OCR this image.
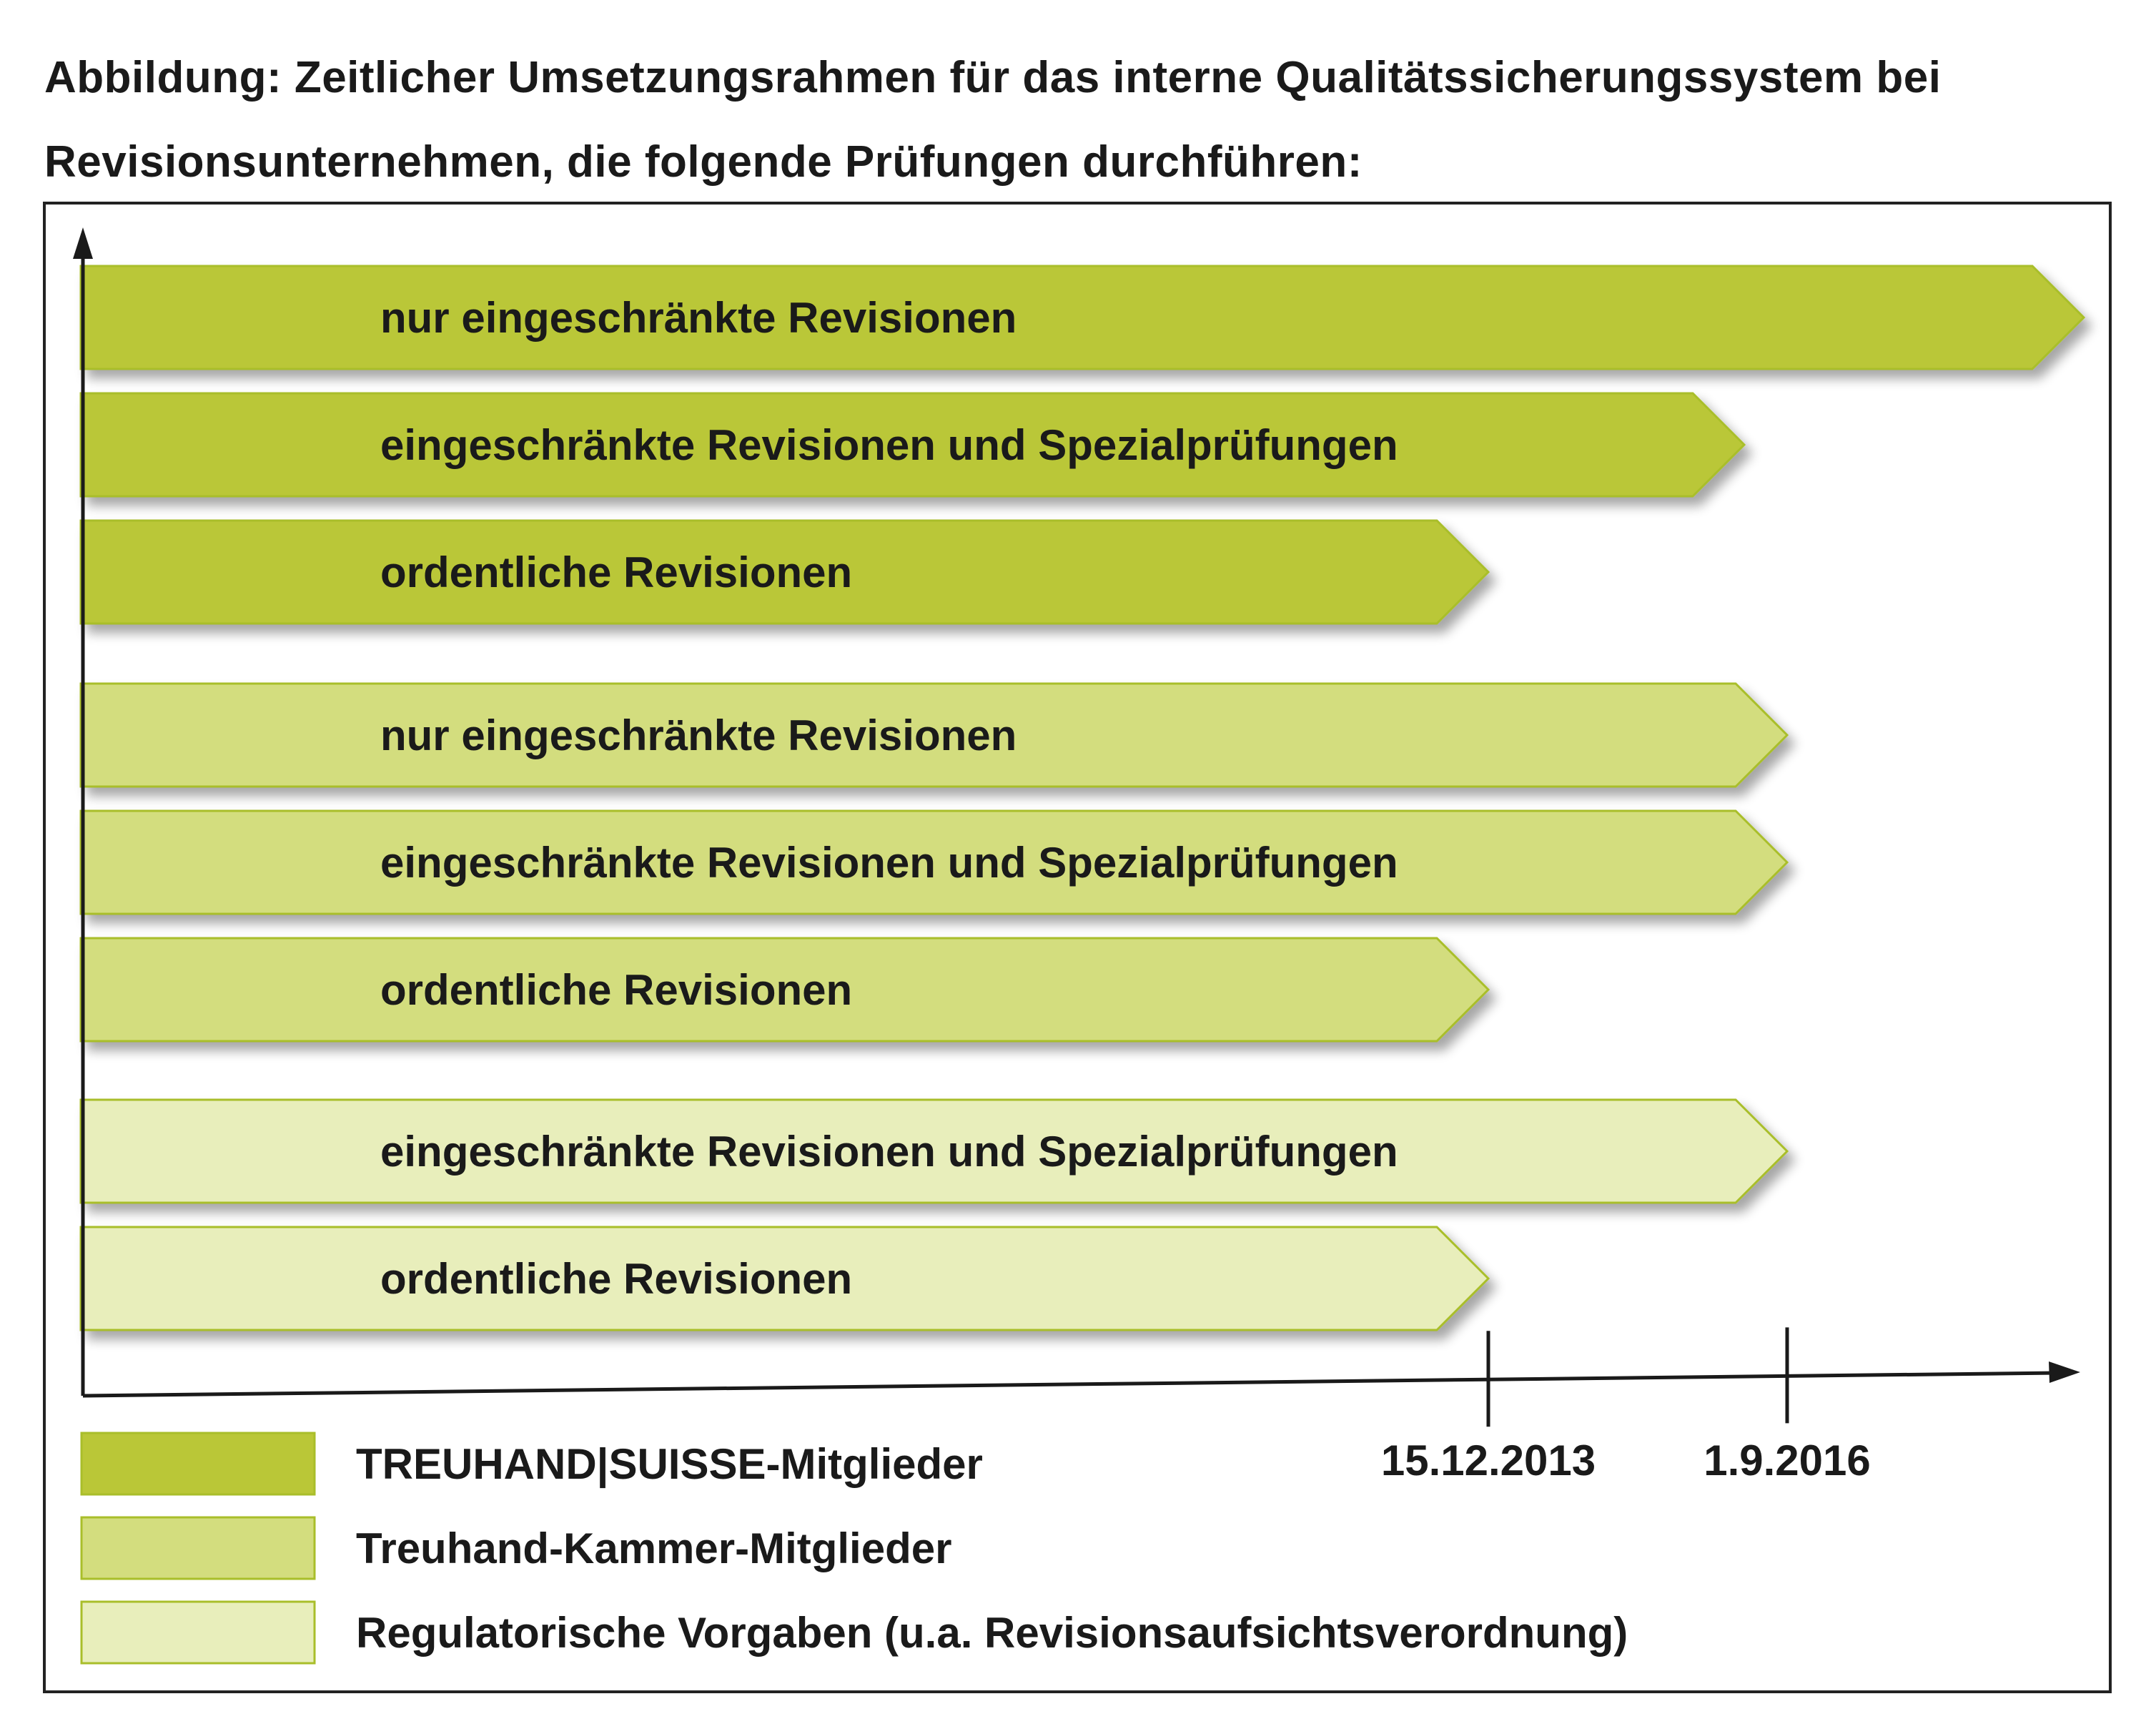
Abbildung: Zeitlicher Umsetzungsrahmen für das interne Qualitätssicherungssystem bei
Revisionsunternehmen, die folgende Prüfungen durchführen:
nur eingeschränkte Revisionen
eingeschränkte Revisionen und Spezialprüfungen
ordentliche Revisionen
nur eingeschränkte Revisionen
eingeschränkte Revisionen und Spezialprüfungen
ordentliche Revisionen
eingeschränkte Revisionen und Spezialprüfungen
ordentliche Revisionen
15.12.2013	1.9.2016
TREUHAND|SUISSE-Mitglieder
Treuhand-Kammer-Mitglieder
Regulatorische Vorgaben (u.a. Revisionsaufsichtsverordnung)
